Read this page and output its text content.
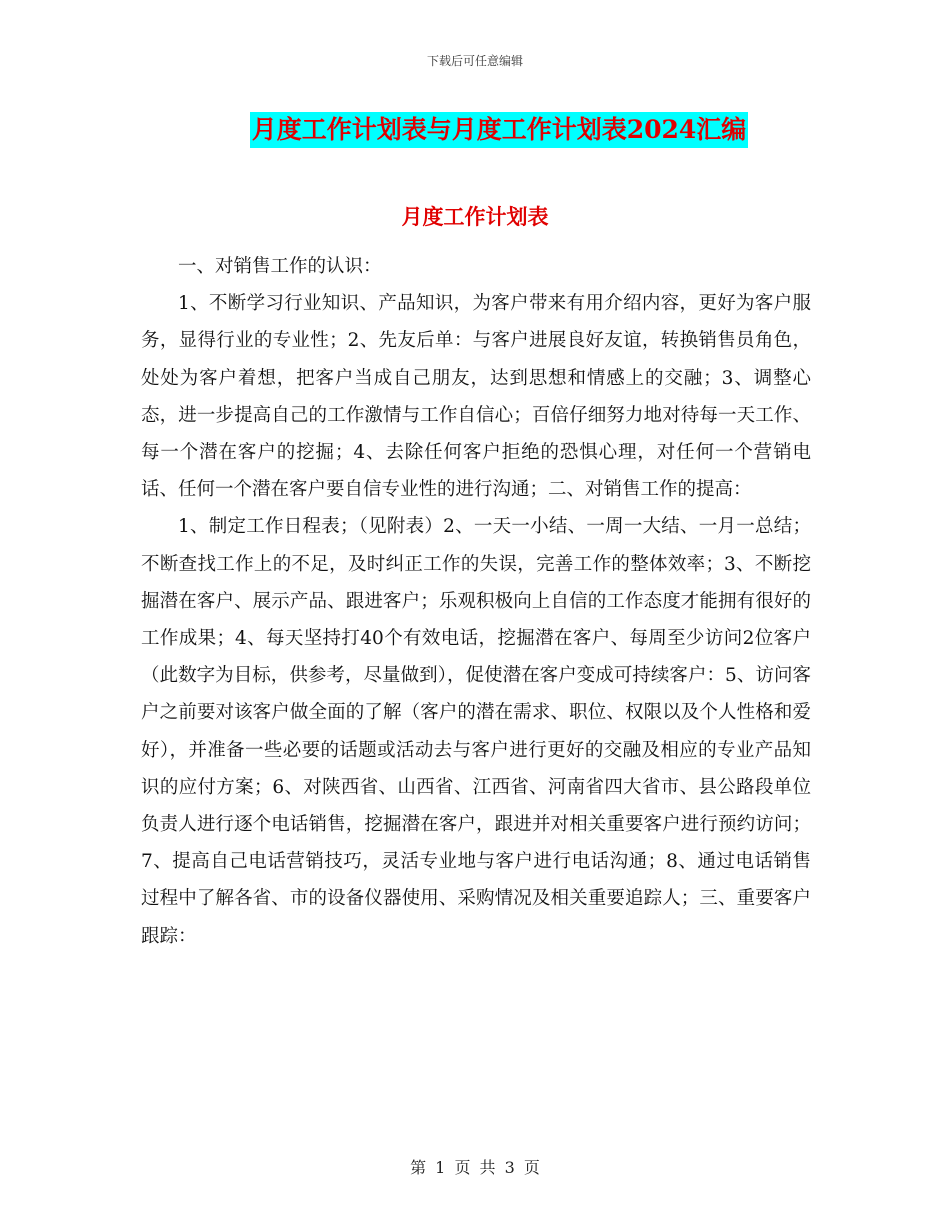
下载后可任意编辑
月度工作计划表与月度工作计划表2024汇编
月度工作计划表

一、对销售工作的认识：

1、不断学习行业知识、产品知识，为客户带来有用介绍内容，更好为客户服务，显得行业的专业性；2、先友后单：与客户进展良好友谊，转换销售员角色，处处为客户着想，把客户当成自己朋友，达到思想和情感上的交融；3、调整心态，进一步提高自己的工作激情与工作自信心；百倍仔细努力地对待每一天工作、每一个潜在客户的挖掘；4、去除任何客户拒绝的恐惧心理，对任何一个营销电话、任何一个潜在客户要自信专业性的进行沟通；二、对销售工作的提高：

1、制定工作日程表；（见附表）2、一天一小结、一周一大结、一月一总结；不断查找工作上的不足，及时纠正工作的失误，完善工作的整体效率；3、不断挖掘潜在客户、展示产品、跟进客户；乐观积极向上自信的工作态度才能拥有很好的工作成果；4、每天坚持打40个有效电话，挖掘潜在客户、每周至少访问2位客户（此数字为目标，供参考，尽量做到），促使潜在客户变成可持续客户：5、访问客户之前要对该客户做全面的了解（客户的潜在需求、职位、权限以及个人性格和爱好），并准备一些必要的话题或活动去与客户进行更好的交融及相应的专业产品知识的应付方案；6、对陕西省、山西省、江西省、河南省四大省市、县公路段单位负责人进行逐个电话销售，挖掘潜在客户，跟进并对相关重要客户进行预约访问；7、提高自己电话营销技巧，灵活专业地与客户进行电话沟通；8、通过电话销售过程中了解各省、市的设备仪器使用、采购情况及相关重要追踪人；三、重要客户跟踪：

第 1 页 共 3 页
